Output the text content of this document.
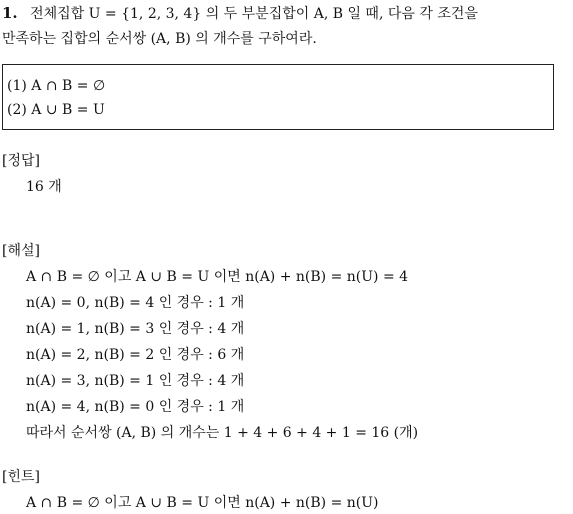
1. 전체집합 U = {1, 2, 3, 4} 의 두 부분집합이 A, B 일 때, 다음 각 조건을
만족하는 집합의 순서쌍 (A, B) 의 개수를 구하여라.
(1) A ∩ B = ∅
(2) A ∪ B = U
[정답]
16 개
[해설]
A ∩ B = ∅ 이고 A ∪ B = U 이면 n(A) + n(B) = n(U) = 4
n(A) = 0, n(B) = 4 인 경우 : 1 개
n(A) = 1, n(B) = 3 인 경우 : 4 개
n(A) = 2, n(B) = 2 인 경우 : 6 개
n(A) = 3, n(B) = 1 인 경우 : 4 개
n(A) = 4, n(B) = 0 인 경우 : 1 개
따라서 순서쌍 (A, B) 의 개수는 1 + 4 + 6 + 4 + 1 = 16 (개)
[힌트]
A ∩ B = ∅ 이고 A ∪ B = U 이면 n(A) + n(B) = n(U)
